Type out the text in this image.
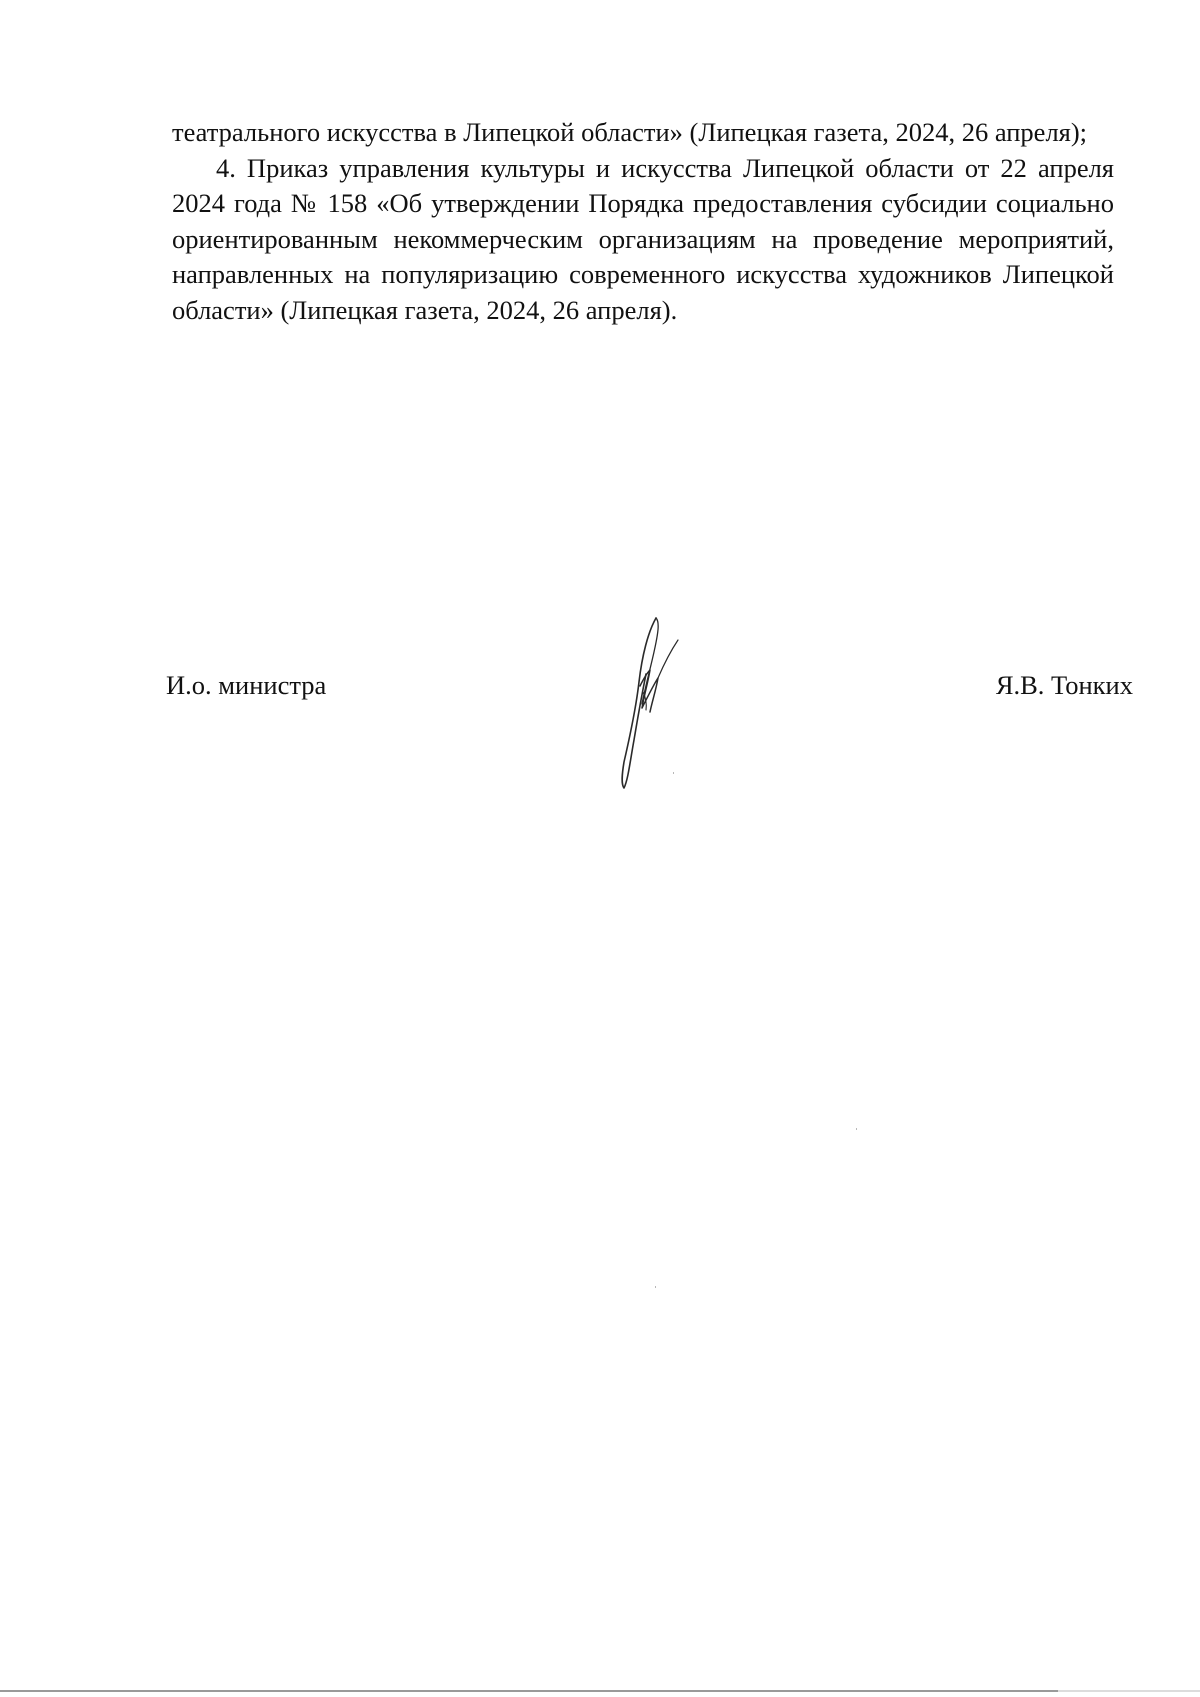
театрального искусства в Липецкой области» (Липецкая газета, 2024, 26 апреля);

4. Приказ управления культуры и искусства Липецкой области от 22 апреля 2024 года № 158 «Об утверждении Порядка предоставления субсидии социально ориентированным некоммерческим организациям на проведение мероприятий, направленных на популяризацию современного искусства художников Липецкой области» (Липецкая газета, 2024, 26 апреля).

И.о. министра	Я.В. Тонких
